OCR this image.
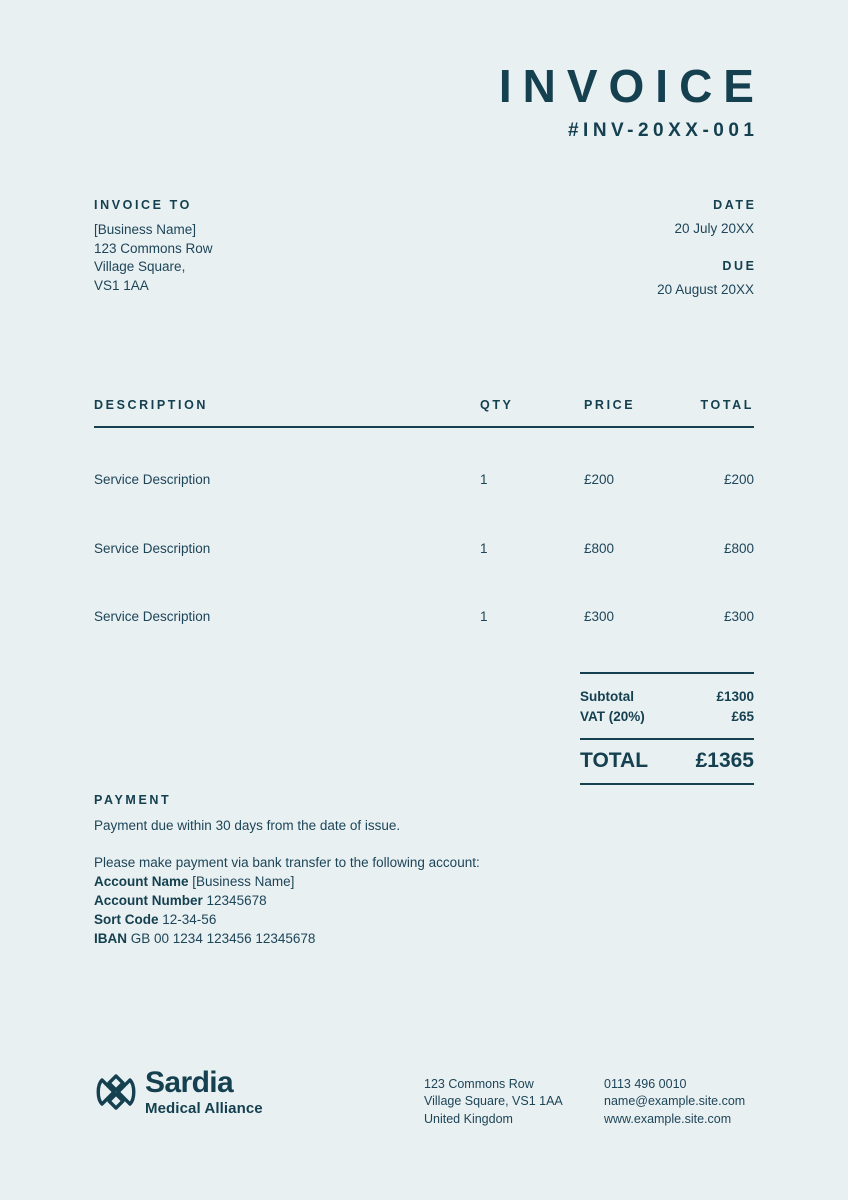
INVOICE
#INV-20XX-001
INVOICE TO
[Business Name]
123 Commons Row
Village Square,
VS1 1AA
DATE
20 July 20XX
DUE
20 August 20XX
DESCRIPTION	QTY	PRICE	TOTAL
Service Description	1	£200	£200
Service Description	1	£800	£800
Service Description	1	£300	£300
Subtotal	£1300
VAT (20%)	£65
TOTAL £1365
PAYMENT
Payment due within 30 days from the date of issue.
Please make payment via bank transfer to the following account:
Account Name [Business Name]
Account Number 12345678
Sort Code 12-34-56
IBAN GB 00 1234 123456 12345678
Sardia
Medical Alliance
123 Commons Row
Village Square, VS1 1AA
United Kingdom
0113 496 0010
name@example.site.com
www.example.site.com
